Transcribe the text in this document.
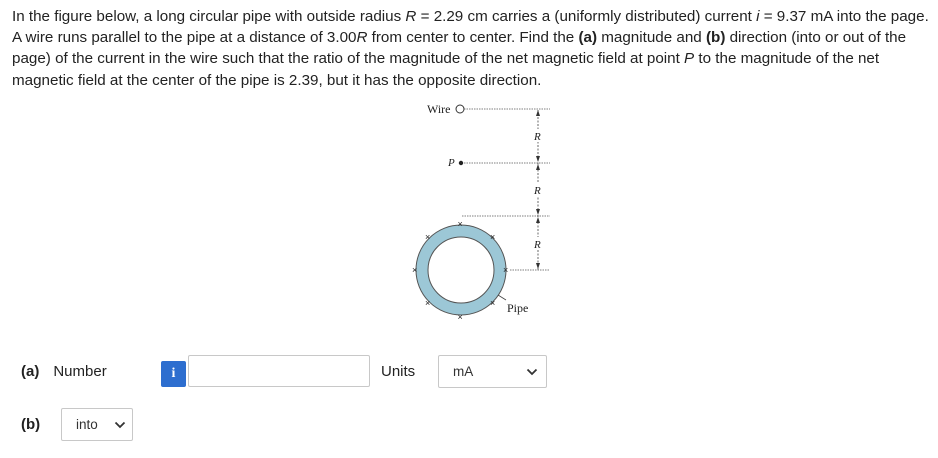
In the figure below, a long circular pipe with outside radius R = 2.29 cm carries a (uniformly distributed) current i = 9.37 mA into the page. A wire runs parallel to the pipe at a distance of 3.00R from center to center. Find the (a) magnitude and (b) direction (into or out of the page) of the current in the wire such that the ratio of the magnitude of the net magnetic field at point P to the magnitude of the net magnetic field at the center of the pipe is 2.39, but it has the opposite direction.

Wire
P
R
R
R
×
×
×
×
×
×
×
×
Pipe
(a) Number	i	Units	mA
(b)	into
